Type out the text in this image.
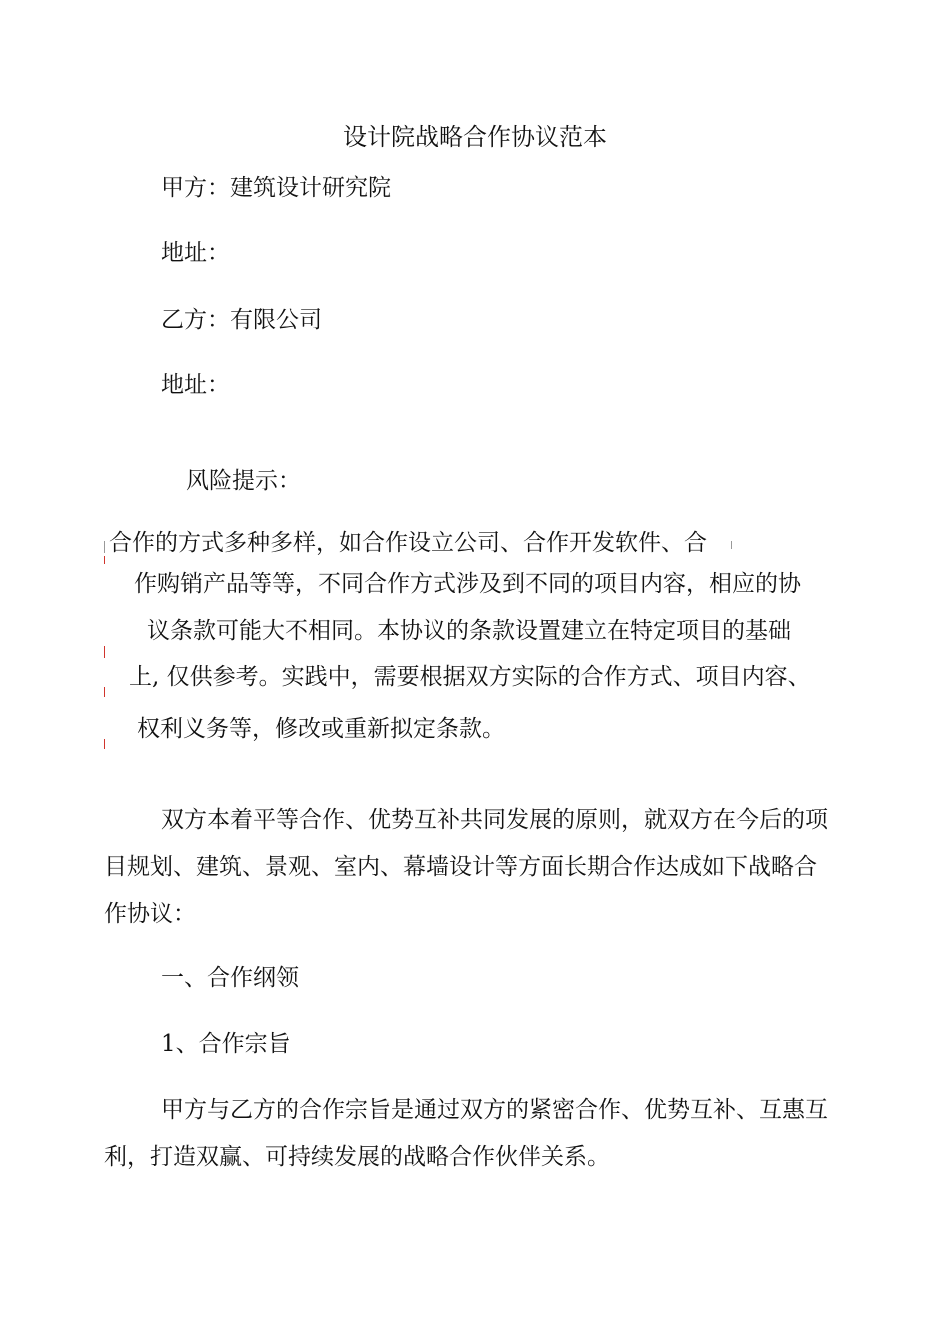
设计院战略合作协议范本
甲方：建筑设计研究院
地址：
乙方：有限公司
地址：
风险提示：
合作的方式多种多样，如合作设立公司、合作开发软件、合
作购销产品等等，不同合作方式涉及到不同的项目内容，相应的协
议条款可能大不相同。本协议的条款设置建立在特定项目的基础
上, 仅供参考。实践中，需要根据双方实际的合作方式、项目内容、
权利义务等，修改或重新拟定条款。
双方本着平等合作、优势互补共同发展的原则，就双方在今后的项
目规划、建筑、景观、室内、幕墙设计等方面长期合作达成如下战略合
作协议：
一、合作纲领
1、合作宗旨
甲方与乙方的合作宗旨是通过双方的紧密合作、优势互补、互惠互
利，打造双赢、可持续发展的战略合作伙伴关系。
